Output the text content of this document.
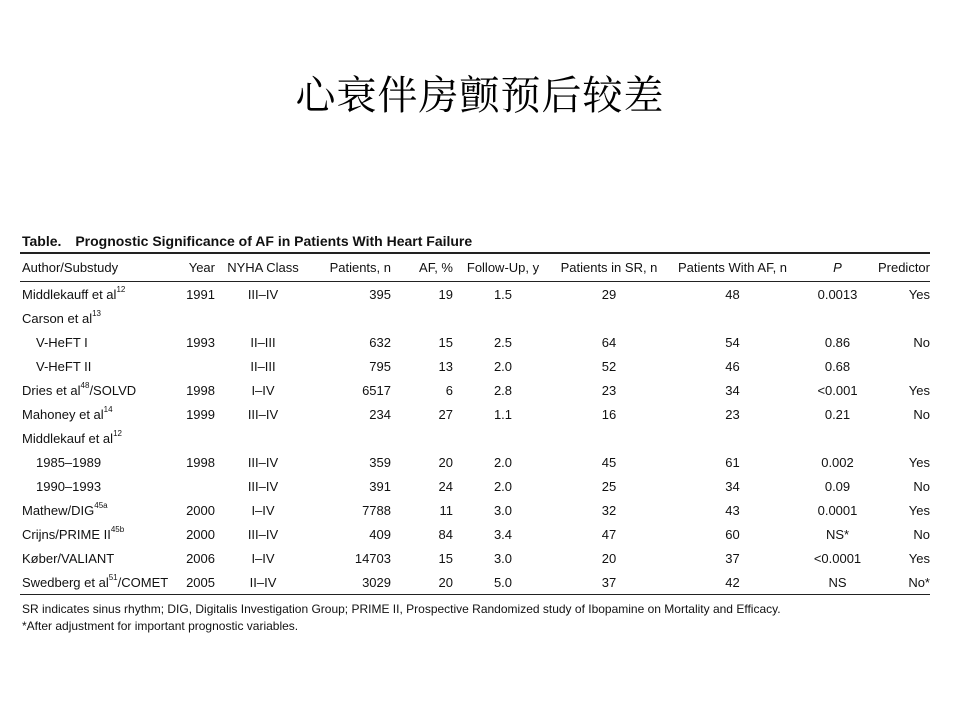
心衰伴房颤预后较差
Table. Prognostic Significance of AF in Patients With Heart Failure
Author/Substudy	Year	NYHA Class	Patients, n	AF, %	Follow-Up, y	Patients in SR, n	Patients With AF, n	P	Predictor
Middlekauff et $al^{12}$	1991	III–IV	395	19	1.5	29	48	0.0013	Yes
Carson et $al^{13}$									
V-HeFT I	1993	II–III	632	15	2.5	64	54	0.86	No
V-HeFT II		II–III	795	13	2.0	52	46	0.68	
Dries et $al^{48}$/SOLVD	1998	I–IV	6517	6	2.8	23	34	<0.001	Yes
Mahoney et $al^{14}$	1999	III–IV	234	27	1.1	16	23	0.21	No
Middlekauf et $al^{12}$									
1985–1989	1998	III–IV	359	20	2.0	45	61	0.002	Yes
1990–1993		III–IV	391	24	2.0	25	34	0.09	No
Mathew/$DIG^{45a}$	2000	I–IV	7788	11	3.0	32	43	0.0001	Yes
Crijns/PRIME $II^{45b}$	2000	III–IV	409	84	3.4	47	60	NS*	No
Køber/VALIANT	2006	I–IV	14703	15	3.0	20	37	<0.0001	Yes
Swedberg et $al^{51}$/COMET	2005	II–IV	3029	20	5.0	37	42	NS	No*
SR indicates sinus rhythm; DIG, Digitalis Investigation Group; PRIME II, Prospective Randomized study of Ibopamine on Mortality and Efficacy.
*After adjustment for important prognostic variables.
